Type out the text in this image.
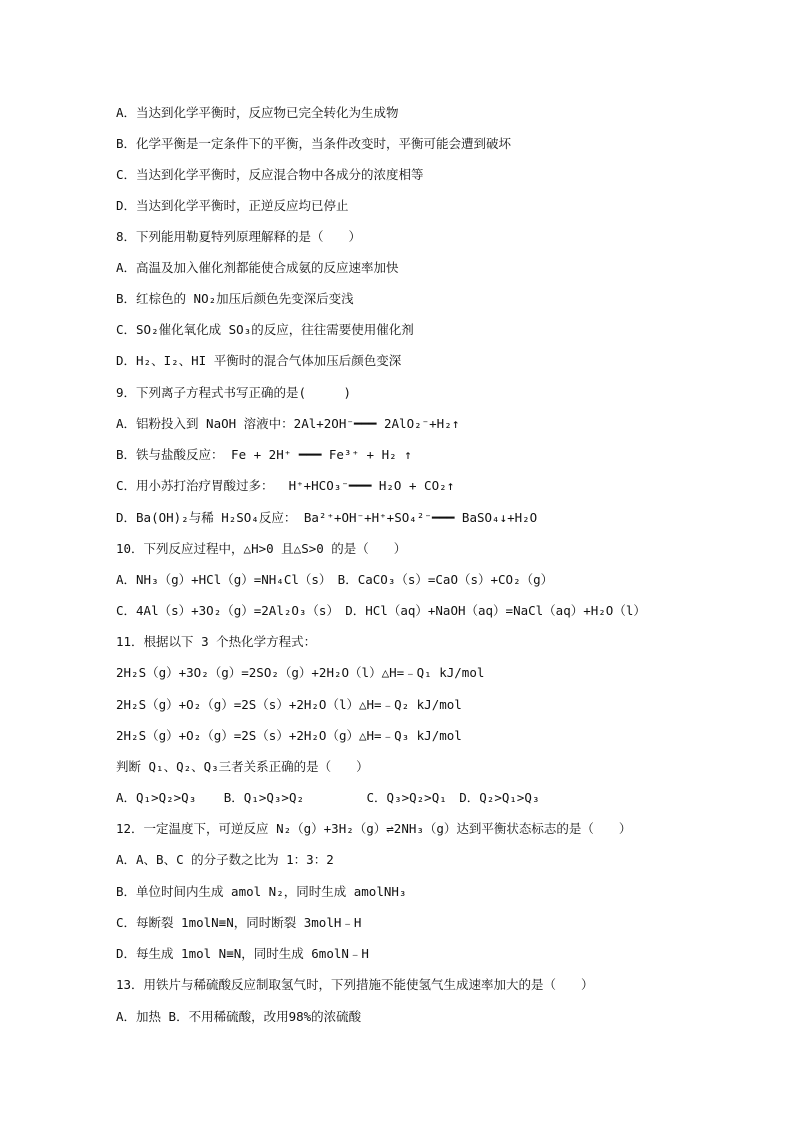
A．当达到化学平衡时，反应物已完全转化为生成物
B．化学平衡是一定条件下的平衡，当条件改变时，平衡可能会遭到破坏
C．当达到化学平衡时，反应混合物中各成分的浓度相等
D．当达到化学平衡时，正逆反应均已停止
8．下列能用勒夏特列原理解释的是（　　）
A．高温及加入催化剂都能使合成氨的反应速率加快
B．红棕色的 NO₂加压后颜色先变深后变浅
C．SO₂催化氧化成 SO₃的反应，往往需要使用催化剂
D．H₂、I₂、HI 平衡时的混合气体加压后颜色变深
9．下列离子方程式书写正确的是(　　　)
A．铝粉投入到 NaOH 溶液中：2Al+2OH⁻━━━ 2AlO₂⁻+H₂↑
B．铁与盐酸反应： Fe + 2H⁺ ━━━ Fe³⁺ + H₂ ↑
C．用小苏打治疗胃酸过多：  H⁺+HCO₃⁻━━━ H₂O + CO₂↑
D．Ba(OH)₂与稀 H₂SO₄反应： Ba²⁺+OH⁻+H⁺+SO₄²⁻━━━ BaSO₄↓+H₂O
10．下列反应过程中，△H>0 且△S>0 的是（　　）
A．NH₃（g）+HCl（g）=NH₄Cl（s）　B．CaCO₃（s）=CaO（s）+CO₂（g）
C．4Al（s）+3O₂（g）=2Al₂O₃（s）　D．HCl（aq）+NaOH（aq）=NaCl（aq）+H₂O（l）
11．根据以下 3 个热化学方程式：
2H₂S（g）+3O₂（g）=2SO₂（g）+2H₂O（l）△H=﹣Q₁ kJ/mol
2H₂S（g）+O₂（g）=2S（s）+2H₂O（l）△H=﹣Q₂ kJ/mol
2H₂S（g）+O₂（g）=2S（s）+2H₂O（g）△H=﹣Q₃ kJ/mol
判断 Q₁、Q₂、Q₃三者关系正确的是（　　）
A．Q₁>Q₂>Q₃　  B．Q₁>Q₃>Q₂　　　　　C．Q₃>Q₂>Q₁　D．Q₂>Q₁>Q₃
12．一定温度下，可逆反应 N₂（g）+3H₂（g）⇌2NH₃（g）达到平衡状态标志的是（　　）
A．A、B、C 的分子数之比为 1：3：2
B．单位时间内生成 amol N₂，同时生成 amolNH₃
C．每断裂 1molN≡N，同时断裂 3molH﹣H
D．每生成 1mol N≡N，同时生成 6molN﹣H
13．用铁片与稀硫酸反应制取氢气时，下列措施不能使氢气生成速率加大的是（　　）
A．加热 B．不用稀硫酸，改用98%的浓硫酸
